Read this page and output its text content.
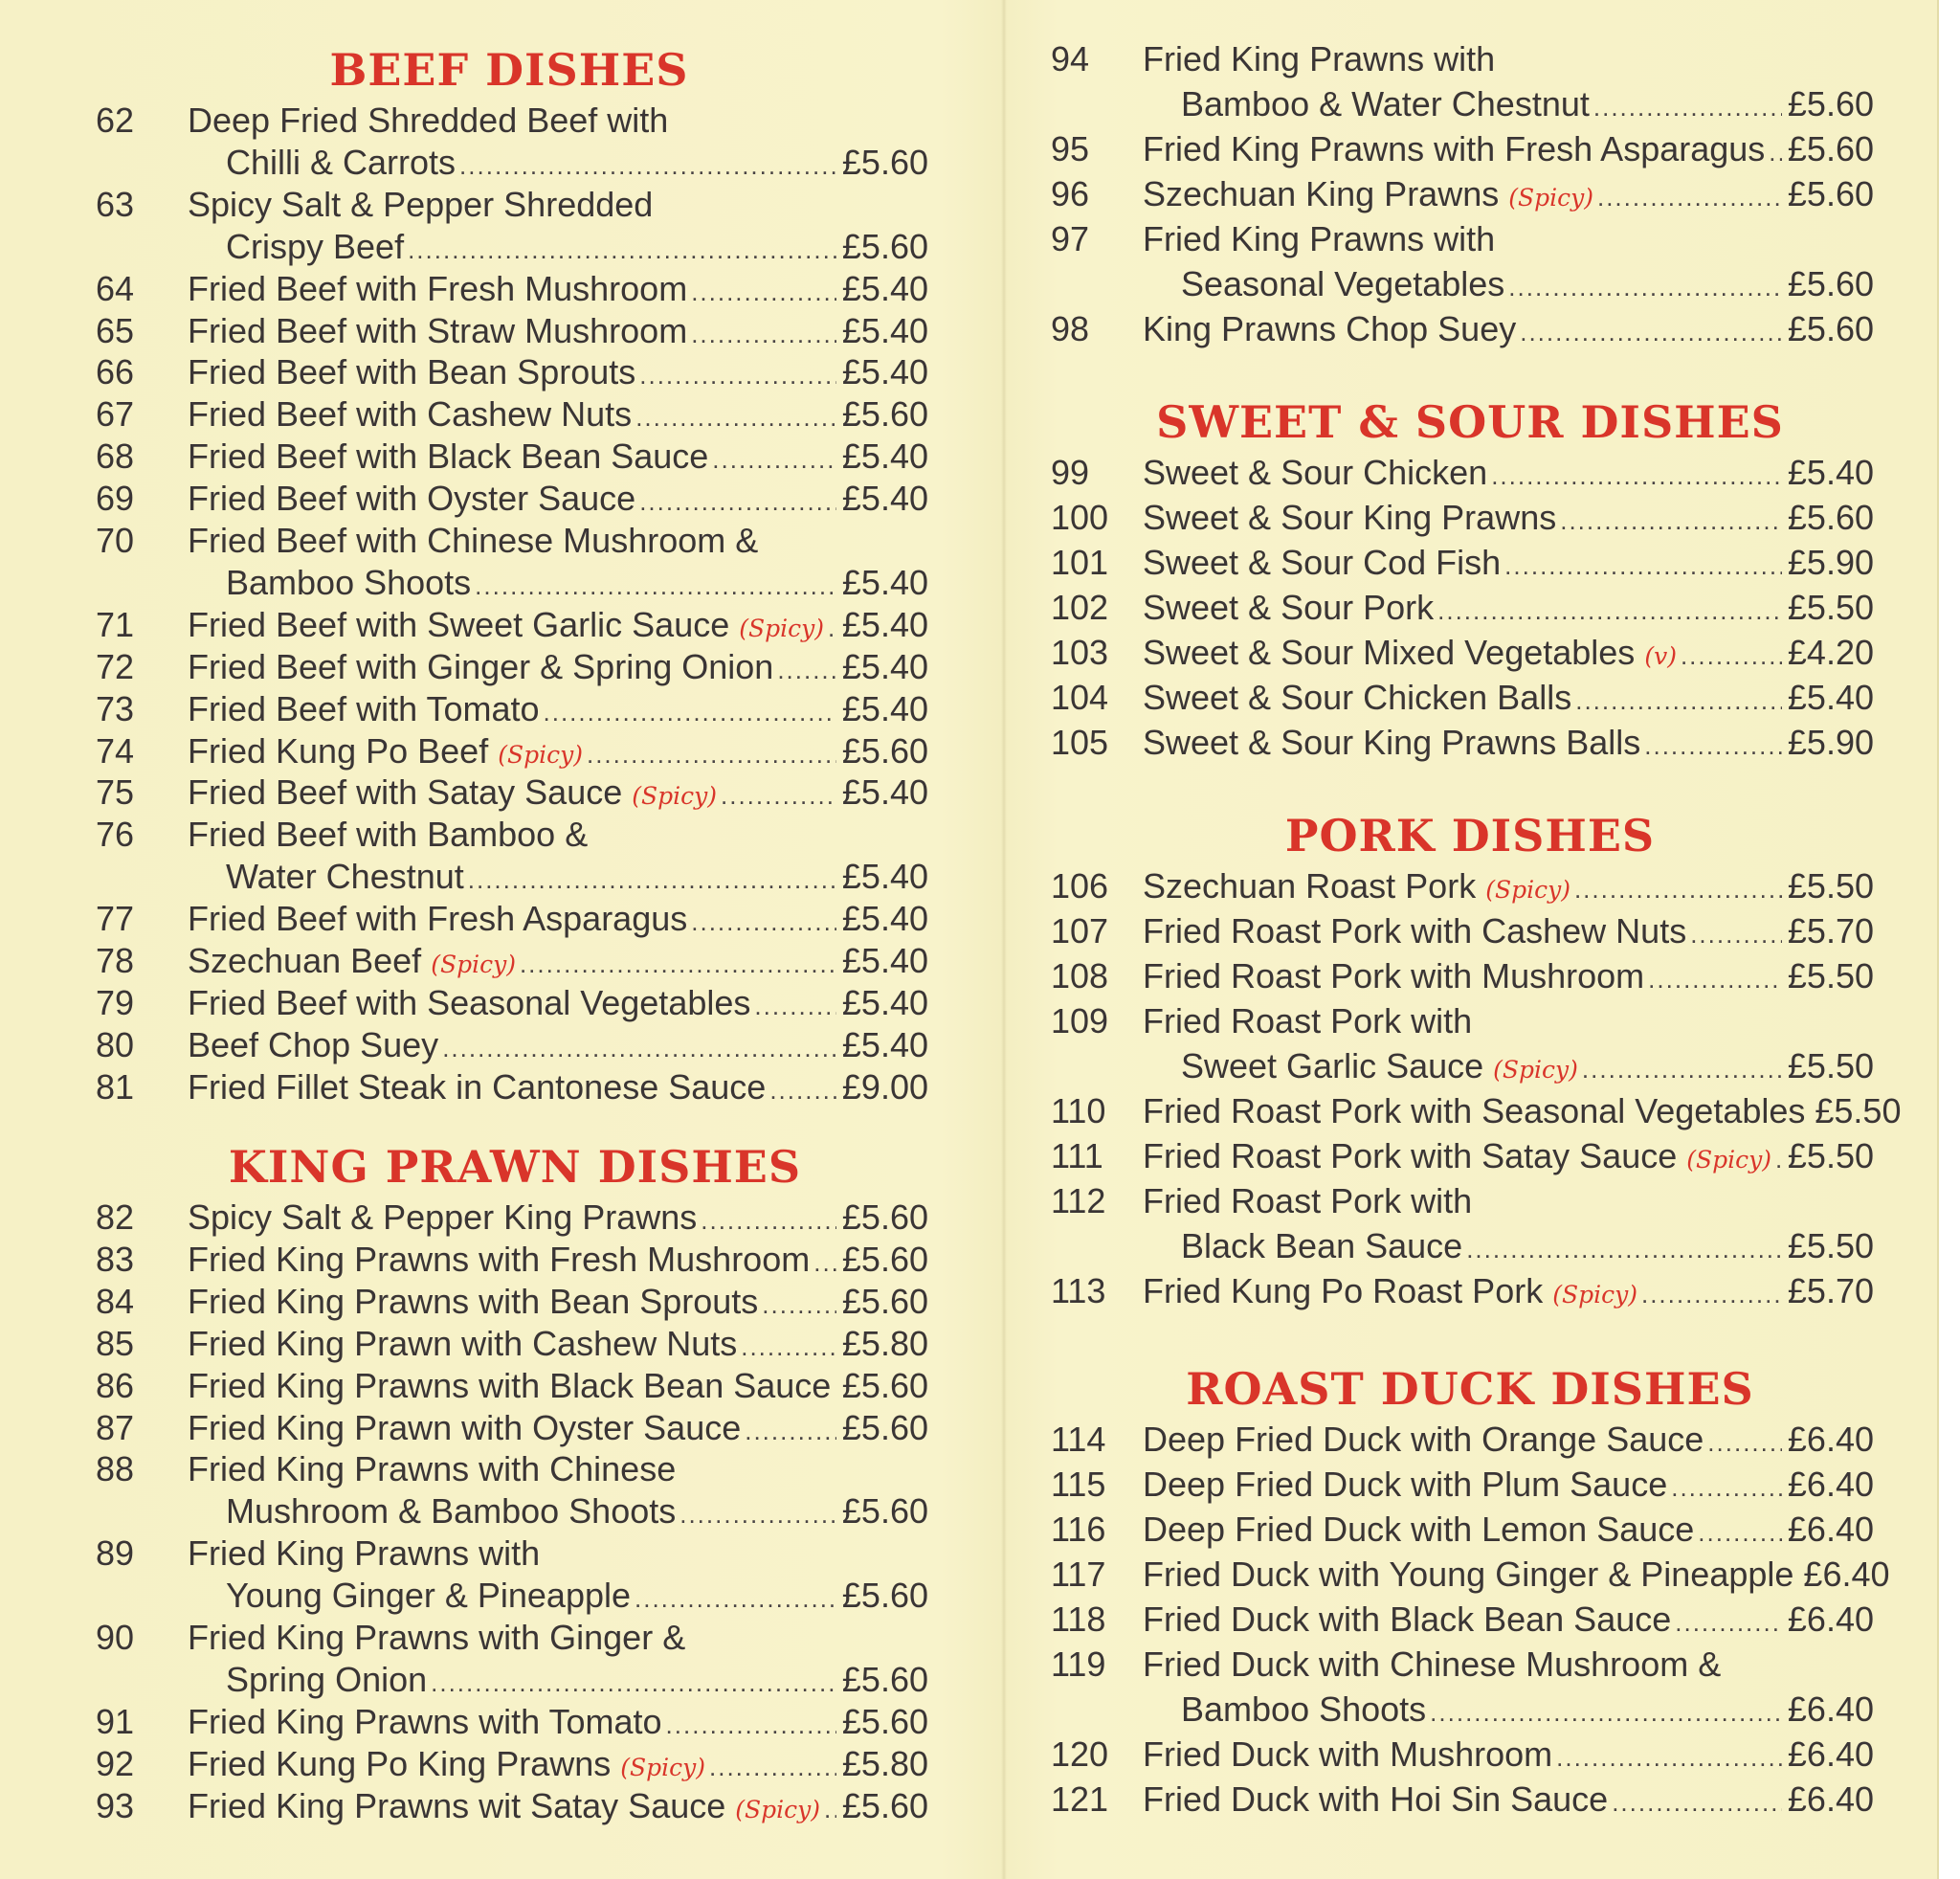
BEEF DISHES
62	Deep Fried Shredded Beef with
Chilli & Carrots .....	£5.60
63	Spicy Salt & Pepper Shredded
Crispy Beef .....	£5.60
64	Fried Beef with Fresh Mushroom .....	£5.40
65	Fried Beef with Straw Mushroom .....	£5.40
66	Fried Beef with Bean Sprouts .....	£5.40
67	Fried Beef with Cashew Nuts .....	£5.60
68	Fried Beef with Black Bean Sauce .....	£5.40
69	Fried Beef with Oyster Sauce .....	£5.40
70	Fried Beef with Chinese Mushroom &
Bamboo Shoots .....	£5.40
71	Fried Beef with Sweet Garlic Sauce (Spicy) ..... £5.40
72	Fried Beef with Ginger & Spring Onion ..... £5.40
73	Fried Beef with Tomato .....	£5.40
74	Fried Kung Po Beef (Spicy) .....	£5.60
75	Fried Beef with Satay Sauce (Spicy) .....	£5.40
76	Fried Beef with Bamboo &
Water Chestnut .....	£5.40
77	Fried Beef with Fresh Asparagus .....	£5.40
78	Szechuan Beef (Spicy) .....	£5.40
79	Fried Beef with Seasonal Vegetables .....	£5.40
80	Beef Chop Suey .....	£5.40
81	Fried Fillet Steak in Cantonese Sauce ..... £9.00
KING PRAWN DISHES
82	Spicy Salt & Pepper King Prawns .....	£5.60
83	Fried King Prawns with Fresh Mushroom ..... £5.60
84	Fried King Prawns with Bean Sprouts ..... £5.60
85	Fried King Prawn with Cashew Nuts .....	£5.80
86	Fried King Prawns with Black Bean Sauce ..... £5.60
87	Fried King Prawn with Oyster Sauce .....	£5.60
88	Fried King Prawns with Chinese
Mushroom & Bamboo Shoots .....	£5.60
89	Fried King Prawns with
Young Ginger & Pineapple .....	£5.60
90	Fried King Prawns with Ginger &
Spring Onion .....	£5.60
91	Fried King Prawns with Tomato .....	£5.60
92	Fried Kung Po King Prawns (Spicy) .....	£5.80
93	Fried King Prawns wit Satay Sauce (Spicy) ..... £5.60
94	Fried King Prawns with
Bamboo & Water Chestnut .....	£5.60
95	Fried King Prawns with Fresh Asparagus ..... £5.60
96	Szechuan King Prawns (Spicy) .....	£5.60
97	Fried King Prawns with
Seasonal Vegetables .....	£5.60
98	King Prawns Chop Suey .....	£5.60
SWEET & SOUR DISHES
99	Sweet & Sour Chicken .....	£5.40
100 Sweet & Sour King Prawns .....	£5.60
101 Sweet & Sour Cod Fish .....	£5.90
102 Sweet & Sour Pork .....	£5.50
103 Sweet & Sour Mixed Vegetables (v) .....	£4.20
104 Sweet & Sour Chicken Balls .....	£5.40
105 Sweet & Sour King Prawns Balls .....	£5.90
PORK DISHES
106 Szechuan Roast Pork (Spicy) .....	£5.50
107 Fried Roast Pork with Cashew Nuts .....	£5.70
108 Fried Roast Pork with Mushroom .....	£5.50
109 Fried Roast Pork with
Sweet Garlic Sauce (Spicy) .....	£5.50
110	Fried Roast Pork with Seasonal Vegetables £5.50
111	Fried Roast Pork with Satay Sauce (Spicy) ..... £5.50
112	Fried Roast Pork with
Black Bean Sauce .....	£5.50
113	Fried Kung Po Roast Pork (Spicy) .....	£5.70
ROAST DUCK DISHES
114	Deep Fried Duck with Orange Sauce ..... £6.40
115	Deep Fried Duck with Plum Sauce .....	£6.40
116	Deep Fried Duck with Lemon Sauce .....	£6.40
117	Fried Duck with Young Ginger & Pineapple £6.40
118	Fried Duck with Black Bean Sauce .....	£6.40
119	Fried Duck with Chinese Mushroom &
Bamboo Shoots .....	£6.40
120 Fried Duck with Mushroom .....	£6.40
121 Fried Duck with Hoi Sin Sauce .....	£6.40
